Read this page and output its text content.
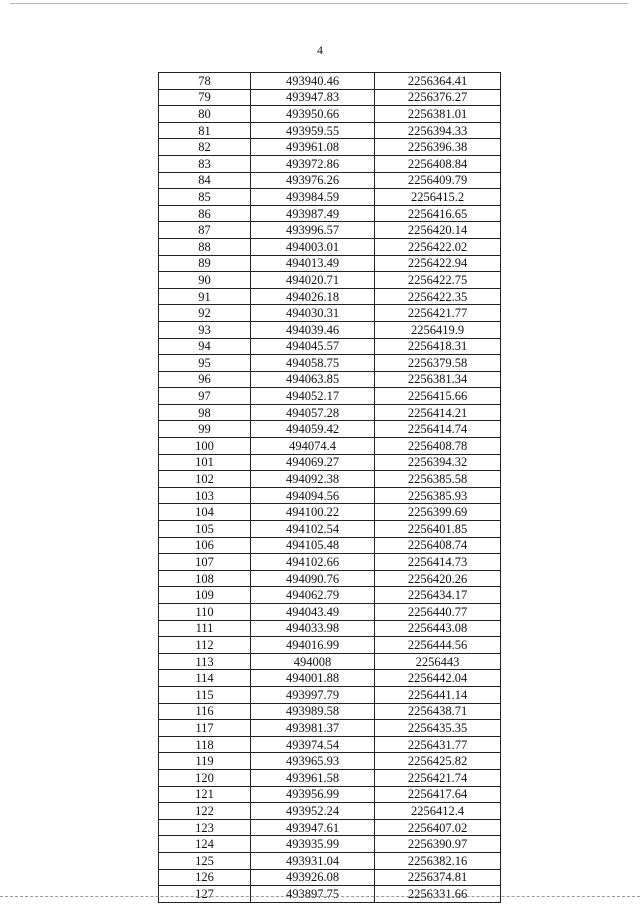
4
78	493940.46	2256364.41
79	493947.83	2256376.27
80	493950.66	2256381.01
81	493959.55	2256394.33
82	493961.08	2256396.38
83	493972.86	2256408.84
84	493976.26	2256409.79
85	493984.59	2256415.2
86	493987.49	2256416.65
87	493996.57	2256420.14
88	494003.01	2256422.02
89	494013.49	2256422.94
90	494020.71	2256422.75
91	494026.18	2256422.35
92	494030.31	2256421.77
93	494039.46	2256419.9
94	494045.57	2256418.31
95	494058.75	2256379.58
96	494063.85	2256381.34
97	494052.17	2256415.66
98	494057.28	2256414.21
99	494059.42	2256414.74
100	494074.4	2256408.78
101	494069.27	2256394.32
102	494092.38	2256385.58
103	494094.56	2256385.93
104	494100.22	2256399.69
105	494102.54	2256401.85
106	494105.48	2256408.74
107	494102.66	2256414.73
108	494090.76	2256420.26
109	494062.79	2256434.17
110	494043.49	2256440.77
111	494033.98	2256443.08
112	494016.99	2256444.56
113	494008	2256443
114	494001.88	2256442.04
115	493997.79	2256441.14
116	493989.58	2256438.71
117	493981.37	2256435.35
118	493974.54	2256431.77
119	493965.93	2256425.82
120	493961.58	2256421.74
121	493956.99	2256417.64
122	493952.24	2256412.4
123	493947.61	2256407.02
124	493935.99	2256390.97
125	493931.04	2256382.16
126	493926.08	2256374.81
127	493897.75	2256331.66
